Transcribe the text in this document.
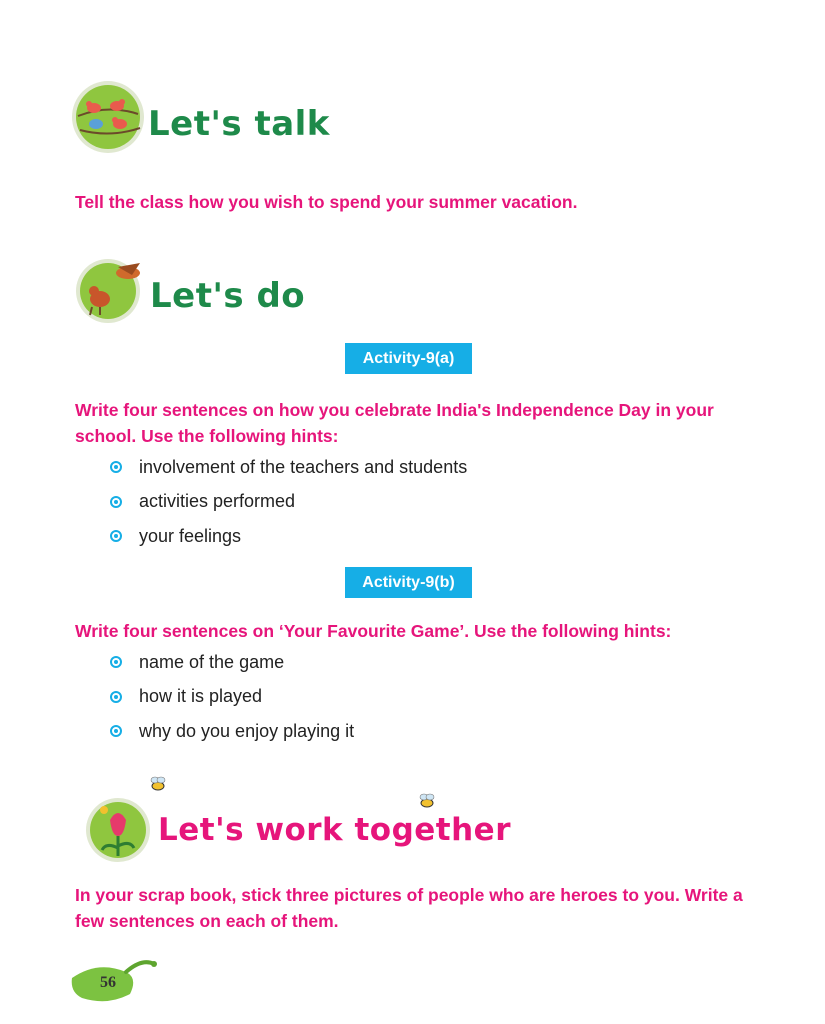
Let's talk
Tell the class how you wish to spend your summer vacation.
Let's do
Activity-9(a)
Write four sentences on how you celebrate India's Independence Day in your school. Use the following hints:
involvement of the teachers and students
activities performed
your feelings
Activity-9(b)
Write four sentences on ‘Your Favourite Game’. Use the following hints:
name of the game
how it is played
why do you enjoy playing it
Let's work together
In your scrap book, stick three pictures of people who are heroes to you. Write a few sentences on each of them.
56
